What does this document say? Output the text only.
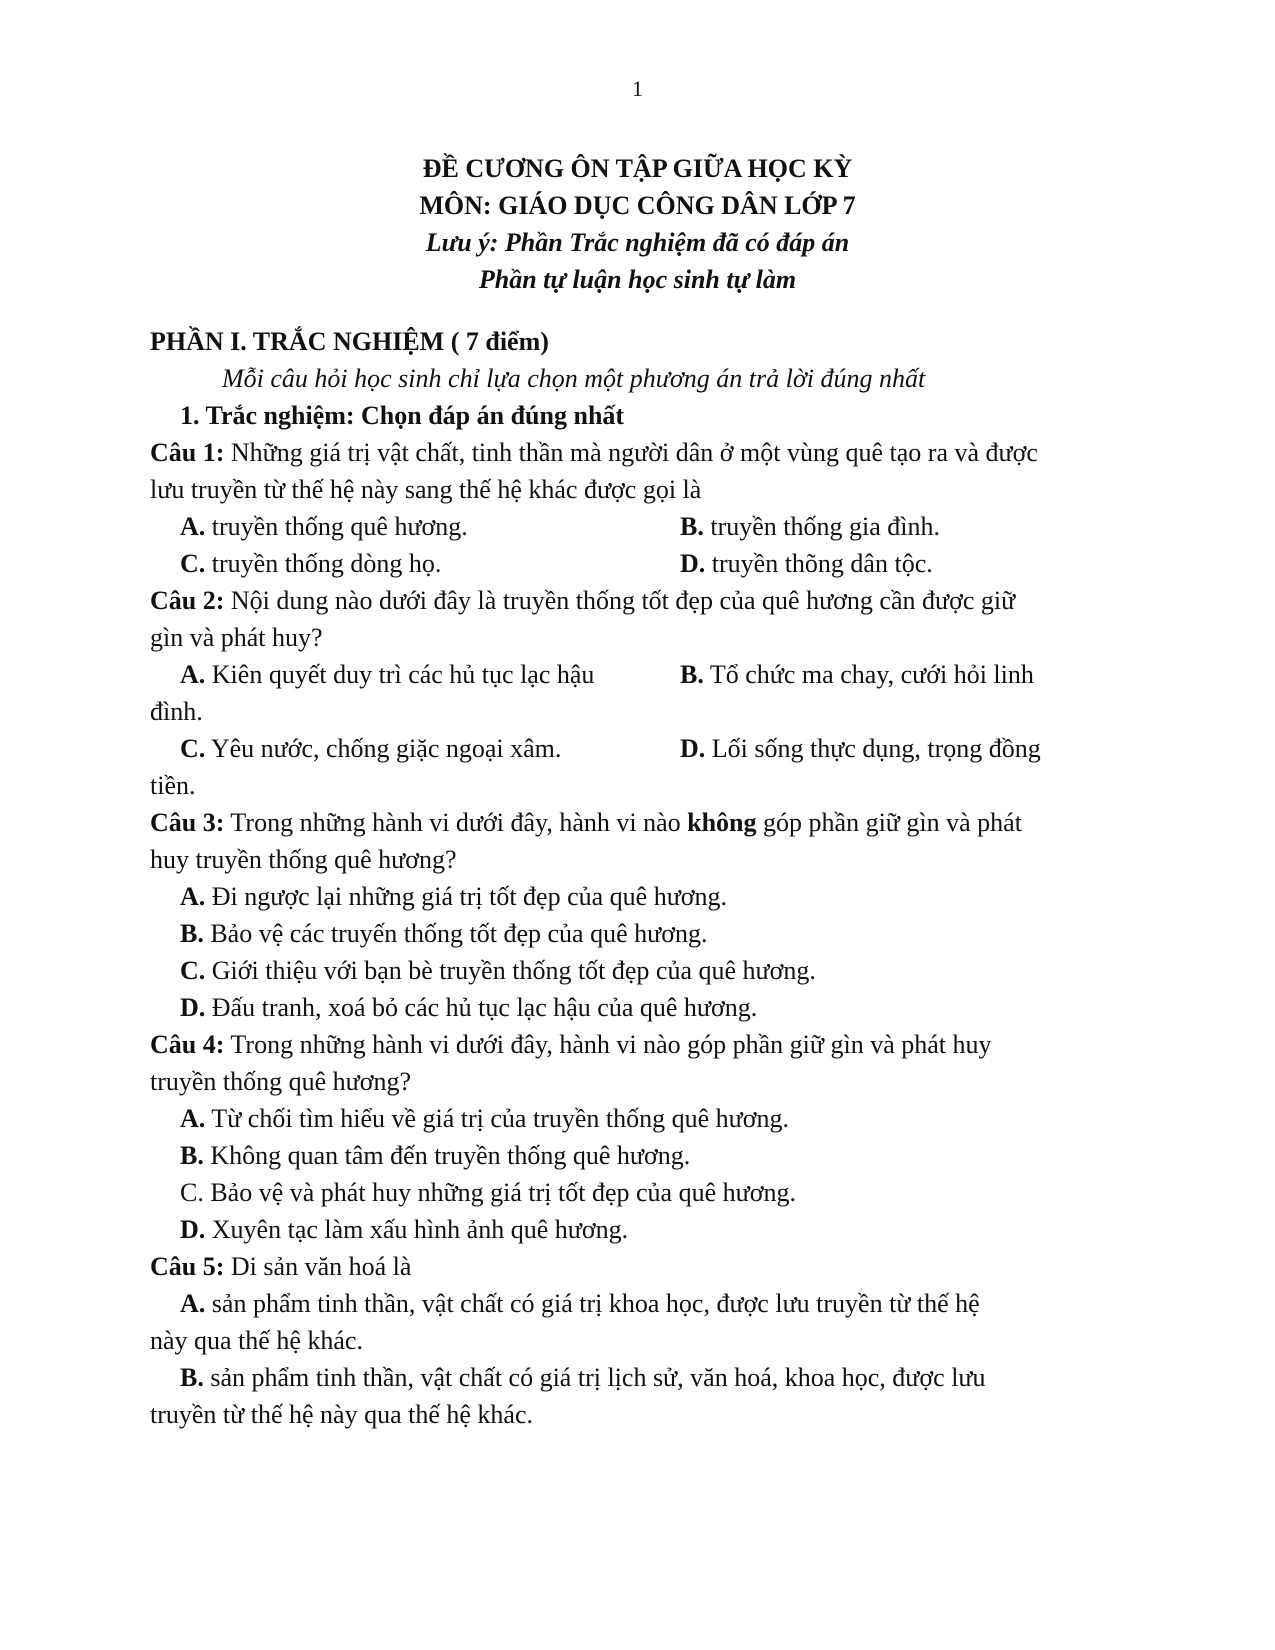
1
ĐỀ CƯƠNG ÔN TẬP GIỮA HỌC KỲ
MÔN: GIÁO DỤC CÔNG DÂN LỚP 7
Lưu ý: Phần Trắc nghiệm đã có đáp án
Phần tự luận học sinh tự làm
PHẦN I. TRẮC NGHIỆM ( 7 điểm)
Mỗi câu hỏi học sinh chỉ lựa chọn một phương án trả lời đúng nhất
1. Trắc nghiệm: Chọn đáp án đúng nhất
Câu 1: Những giá trị vật chất, tinh thần mà người dân ở một vùng quê tạo ra và được
lưu truyền từ thế hệ này sang thế hệ khác được gọi là
A. truyền thống quê hương.	B. truyền thống gia đình.
C. truyền thống dòng họ.	D. truyền thõng dân tộc.
Câu 2: Nội dung nào dưới đây là truyền thống tốt đẹp của quê hương cần được giữ
gìn và phát huy?
A. Kiên quyết duy trì các hủ tục lạc hậu	B. Tổ chức ma chay, cưới hỏi linh
đình.
C. Yêu nước, chống giặc ngoại xâm.	D. Lối sống thực dụng, trọng đồng
tiền.
Câu 3: Trong những hành vi dưới đây, hành vi nào không góp phần giữ gìn và phát
huy truyền thống quê hương?
A. Đi ngược lại những giá trị tốt đẹp của quê hương.
B. Bảo vệ các truyến thống tốt đẹp của quê hương.
C. Giới thiệu với bạn bè truyền thống tốt đẹp của quê hương.
D. Đấu tranh, xoá bỏ các hủ tục lạc hậu của quê hương.
Câu 4: Trong những hành vi dưới đây, hành vi nào góp phần giữ gìn và phát huy
truyền thống quê hương?
A. Từ chối tìm hiểu về giá trị của truyền thống quê hương.
B. Không quan tâm đến truyền thống quê hương.
C. Bảo vệ và phát huy những giá trị tốt đẹp của quê hương.
D. Xuyên tạc làm xấu hình ảnh quê hương.
Câu 5: Di sản văn hoá là
A. sản phẩm tinh thần, vật chất có giá trị khoa học, được lưu truyền từ thế hệ
này qua thế hệ khác.
B. sản phẩm tinh thần, vật chất có giá trị lịch sử, văn hoá, khoa học, được lưu
truyền từ thế hệ này qua thế hệ khác.
